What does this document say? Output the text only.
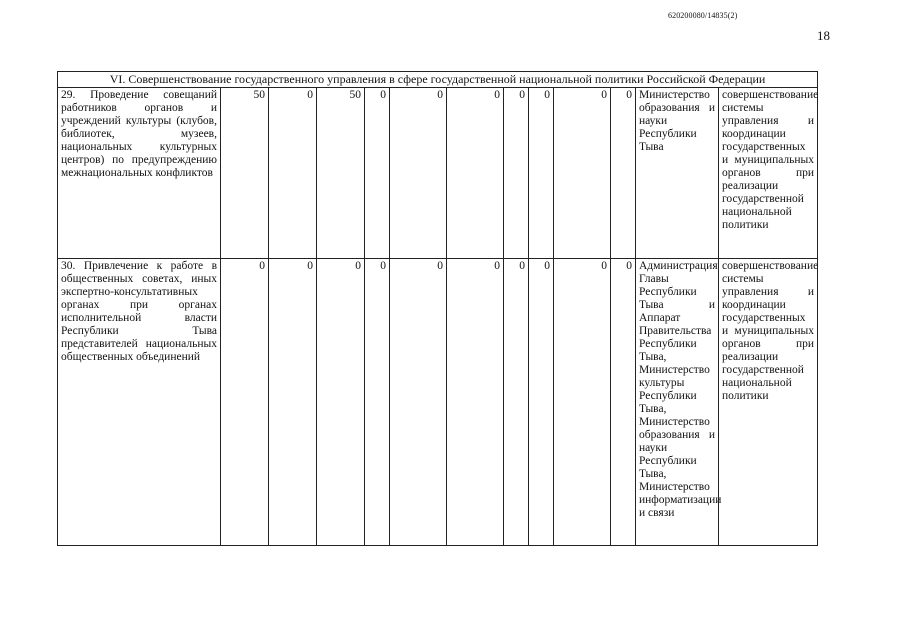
620200080/14835(2)
18
VI. Совершенствование государственного управления в сфере государственной национальной политики Российской Федерации												
29. Проведение совещаний работников органов и учреждений культуры (клубов, библиотек, музеев, национальных культурных центров) по предупреждению межнациональных конфликтов	50	0	50	0	0	0	0	0	0	0	Министерство образования и науки Республики Тыва	совершенствование системы управления и координации государственных и муниципальных органов при реализации государственной национальной политики
30. Привлечение к работе в общественных советах, иных экспертно-консультативных органах при органах исполнительной власти Республики Тыва представителей национальных общественных объединений	0	0	0	0	0	0	0	0	0	0	Администрация Главы Республики Тыва и Аппарат Правительства Республики Тыва, Министерство культуры Республики Тыва, Министерство образования и науки Республики Тыва, Министерство информатизации и связи	совершенствование системы управления и координации государственных и муниципальных органов при реализации государственной национальной политики
